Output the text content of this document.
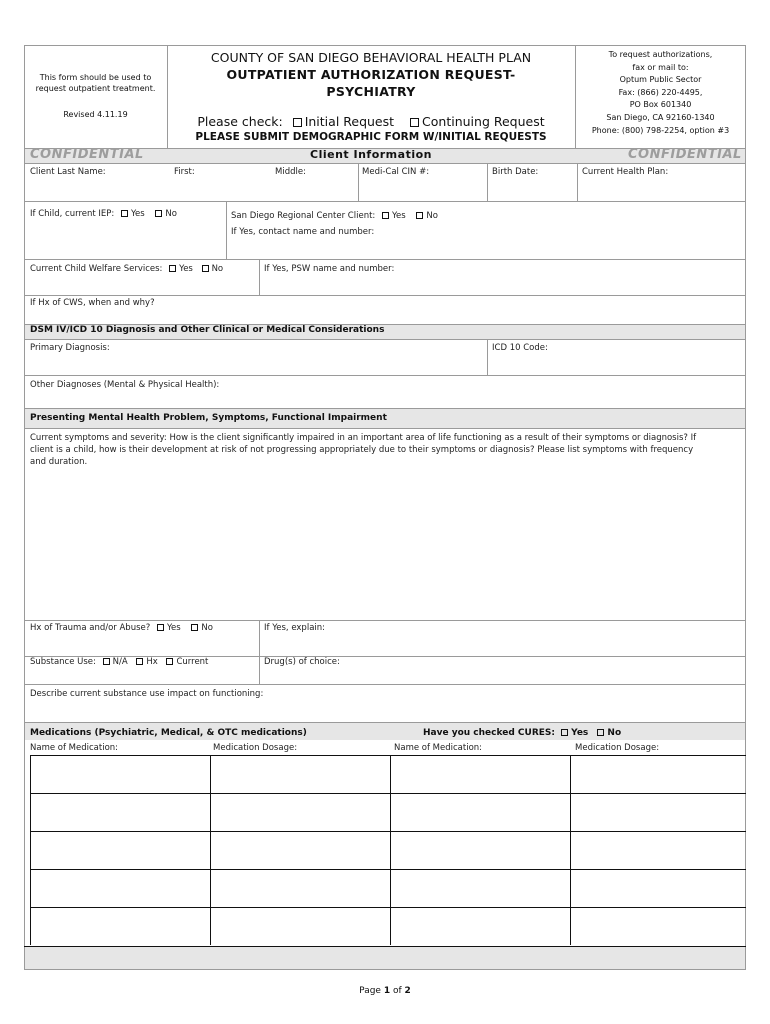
This form should be used to
request outpatient treatment.
Revised 4.11.19
COUNTY OF SAN DIEGO BEHAVIORAL HEALTH PLAN
OUTPATIENT AUTHORIZATION REQUEST-
PSYCHIATRY
Please check: Initial Request Continuing Request
PLEASE SUBMIT DEMOGRAPHIC FORM W/INITIAL REQUESTS
To request authorizations,
fax or mail to:
Optum Public Sector
Fax: (866) 220-4495,
PO Box 601340
San Diego, CA 92160-1340
Phone: (800) 798-2254, option #3
CONFIDENTIAL	CONFIDENTIAL
Client Information
Client Last Name:	First:	Middle:	Medi-Cal CIN #:	Birth Date:	Current Health Plan:
If Child, current IEP: Yes No	San Diego Regional Center Client: Yes No
If Yes, contact name and number:
Current Child Welfare Services: Yes No	If Yes, PSW name and number:
If Hx of CWS, when and why?
DSM IV/ICD 10 Diagnosis and Other Clinical or Medical Considerations
Primary Diagnosis:	ICD 10 Code:
Other Diagnoses (Mental & Physical Health):
Presenting Mental Health Problem, Symptoms, Functional Impairment
Current symptoms and severity: How is the client significantly impaired in an important area of life functioning as a result of their symptoms or diagnosis? If
client is a child, how is their development at risk of not progressing appropriately due to their symptoms or diagnosis? Please list symptoms with frequency
and duration.
Hx of Trauma and/or Abuse? Yes No	If Yes, explain:
Substance Use: N/A Hx Current	Drug(s) of choice:
Describe current substance use impact on functioning:
Medications (Psychiatric, Medical, & OTC medications)	Have you checked CURES: Yes No
Name of Medication:	Medication Dosage:	Name of Medication:	Medication Dosage:
Page 1 of 2
